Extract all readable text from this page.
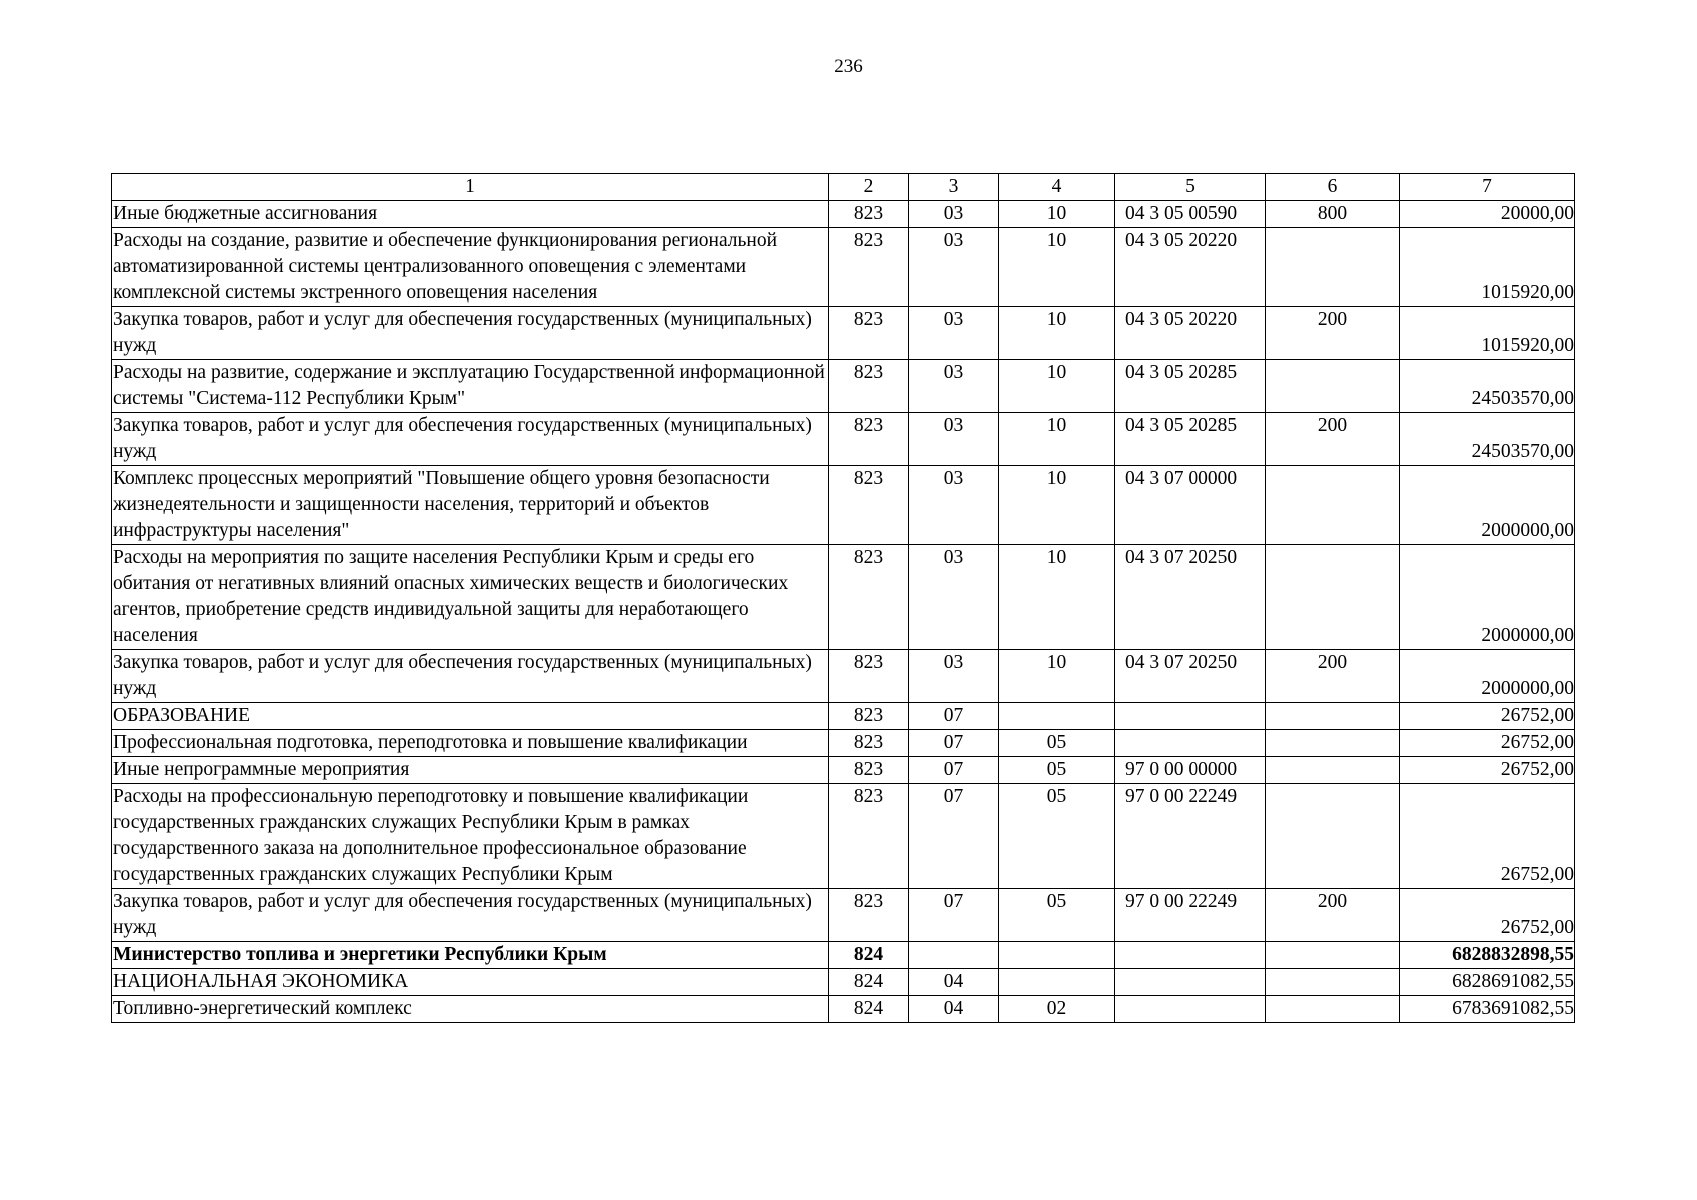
236
1	2	3	4	5	6	7
Иные бюджетные ассигнования	823	03	10	04 3 05 00590	800	20000,00
Расходы на создание, развитие и обеспечение функционирования региональной автоматизированной системы централизованного оповещения с элементами комплексной системы экстренного оповещения населения	823	03	10	04 3 05 20220		1015920,00
Закупка товаров, работ и услуг для обеспечения государственных (муниципальных) нужд	823	03	10	04 3 05 20220	200	1015920,00
Расходы на развитие, содержание и эксплуатацию Государственной информационной системы "Система-112 Республики Крым"	823	03	10	04 3 05 20285		24503570,00
Закупка товаров, работ и услуг для обеспечения государственных (муниципальных) нужд	823	03	10	04 3 05 20285	200	24503570,00
Комплекс процессных мероприятий "Повышение общего уровня безопасности жизнедеятельности и защищенности населения, территорий и объектов инфраструктуры населения"	823	03	10	04 3 07 00000		2000000,00
Расходы на мероприятия по защите населения Республики Крым и среды его обитания от негативных влияний опасных химических веществ и биологических агентов, приобретение средств индивидуальной защиты для неработающего населения	823	03	10	04 3 07 20250		2000000,00
Закупка товаров, работ и услуг для обеспечения государственных (муниципальных) нужд	823	03	10	04 3 07 20250	200	2000000,00
ОБРАЗОВАНИЕ	823	07				26752,00
Профессиональная подготовка, переподготовка и повышение квалификации	823	07	05			26752,00
Иные непрограммные мероприятия	823	07	05	97 0 00 00000		26752,00
Расходы на профессиональную переподготовку и повышение квалификации государственных гражданских служащих Республики Крым в рамках государственного заказа на дополнительное профессиональное образование государственных гражданских служащих Республики Крым	823	07	05	97 0 00 22249		26752,00
Закупка товаров, работ и услуг для обеспечения государственных (муниципальных) нужд	823	07	05	97 0 00 22249	200	26752,00
Министерство топлива и энергетики Республики Крым	824					6828832898,55
НАЦИОНАЛЬНАЯ ЭКОНОМИКА	824	04				6828691082,55
Топливно-энергетический комплекс	824	04	02			6783691082,55
